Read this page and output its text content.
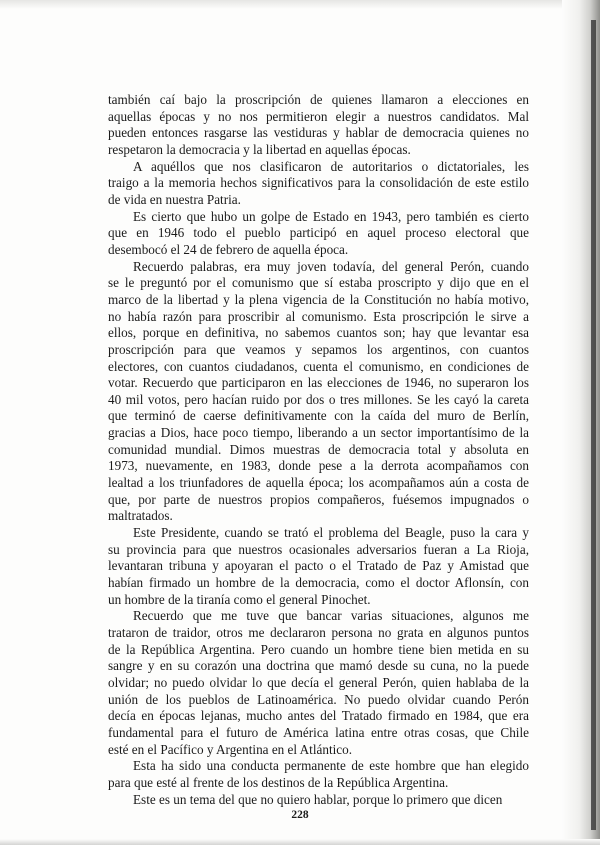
también caí bajo la proscripción de quienes llamaron a elecciones en
aquellas épocas y no nos permitieron elegir a nuestros candidatos. Mal
pueden entonces rasgarse las vestiduras y hablar de democracia quienes no
respetaron la democracia y la libertad en aquellas épocas.

A aquéllos que nos clasificaron de autoritarios o dictatoriales, les
traigo a la memoria hechos significativos para la consolidación de este estilo
de vida en nuestra Patria.

Es cierto que hubo un golpe de Estado en 1943, pero también es cierto
que en 1946 todo el pueblo participó en aquel proceso electoral que
desembocó el 24 de febrero de aquella época.

Recuerdo palabras, era muy joven todavía, del general Perón, cuando
se le preguntó por el comunismo que sí estaba proscripto y dijo que en el
marco de la libertad y la plena vigencia de la Constitución no había motivo,
no había razón para proscribir al comunismo. Esta proscripción le sirve a
ellos, porque en definitiva, no sabemos cuantos son; hay que levantar esa
proscripción para que veamos y sepamos los argentinos, con cuantos
electores, con cuantos ciudadanos, cuenta el comunismo, en condiciones de
votar. Recuerdo que participaron en las elecciones de 1946, no superaron los
40 mil votos, pero hacían ruido por dos o tres millones. Se les cayó la careta
que terminó de caerse definitivamente con la caída del muro de Berlín,
gracias a Dios, hace poco tiempo, liberando a un sector importantísimo de la
comunidad mundial. Dimos muestras de democracia total y absoluta en
1973, nuevamente, en 1983, donde pese a la derrota acompañamos con
lealtad a los triunfadores de aquella época; los acompañamos aún a costa de
que, por parte de nuestros propios compañeros, fuésemos impugnados o
maltratados.

Este Presidente, cuando se trató el problema del Beagle, puso la cara y
su provincia para que nuestros ocasionales adversarios fueran a La Rioja,
levantaran tribuna y apoyaran el pacto o el Tratado de Paz y Amistad que
habían firmado un hombre de la democracia, como el doctor Aflonsín, con
un hombre de la tiranía como el general Pinochet.

Recuerdo que me tuve que bancar varias situaciones, algunos me
trataron de traidor, otros me declararon persona no grata en algunos puntos
de la República Argentina. Pero cuando un hombre tiene bien metida en su
sangre y en su corazón una doctrina que mamó desde su cuna, no la puede
olvidar; no puedo olvidar lo que decía el general Perón, quien hablaba de la
unión de los pueblos de Latinoamérica. No puedo olvidar cuando Perón
decía en épocas lejanas, mucho antes del Tratado firmado en 1984, que era
fundamental para el futuro de América latina entre otras cosas, que Chile
esté en el Pacífico y Argentina en el Atlántico.

Esta ha sido una conducta permanente de este hombre que han elegido
para que esté al frente de los destinos de la República Argentina.

Este es un tema del que no quiero hablar, porque lo primero que dicen

228
